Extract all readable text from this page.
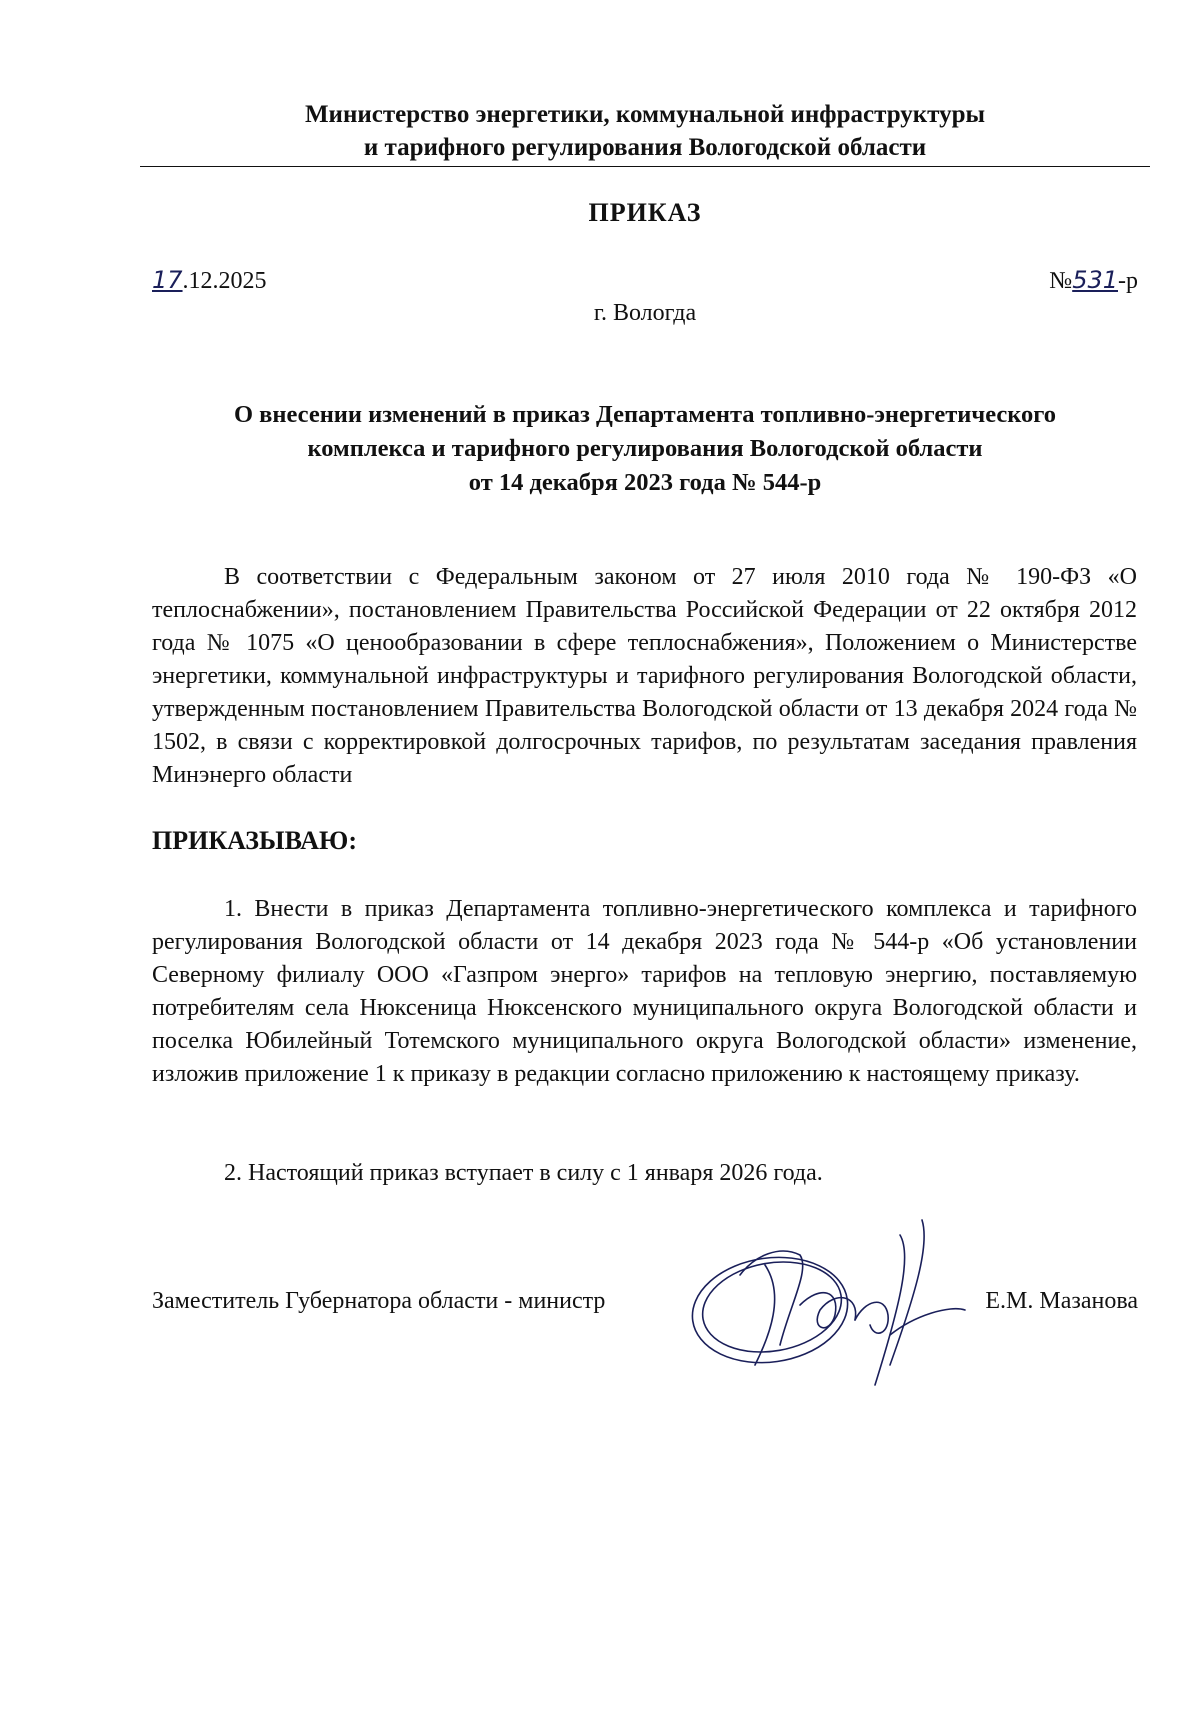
Министерство энергетики, коммунальной инфраструктуры
и тарифного регулирования Вологодской области
ПРИКАЗ
17.12.2025	№531-р
г. Вологда
О внесении изменений в приказ Департамента топливно-энергетического
комплекса и тарифного регулирования Вологодской области
от 14 декабря 2023 года № 544-р
В соответствии с Федеральным законом от 27 июля 2010 года № 190-ФЗ «О теплоснабжении», постановлением Правительства Российской Федерации от 22 октября 2012 года № 1075 «О ценообразовании в сфере теплоснабжения», Положением о Министерстве энергетики, коммунальной инфраструктуры и тарифного регулирования Вологодской области, утвержденным постановлением Правительства Вологодской области от 13 декабря 2024 года № 1502, в связи с корректировкой долгосрочных тарифов, по результатам заседания правления Минэнерго области
ПРИКАЗЫВАЮ:
1. Внести в приказ Департамента топливно-энергетического комплекса и тарифного регулирования Вологодской области от 14 декабря 2023 года № 544-р «Об установлении Северному филиалу ООО «Газпром энерго» тарифов на тепловую энергию, поставляемую потребителям села Нюксеница Нюксенского муниципального округа Вологодской области и поселка Юбилейный Тотемского муниципального округа Вологодской области» изменение, изложив приложение 1 к приказу в редакции согласно приложению к настоящему приказу.
2. Настоящий приказ вступает в силу с 1 января 2026 года.
Заместитель Губернатора области - министр	Е.М. Мазанова
